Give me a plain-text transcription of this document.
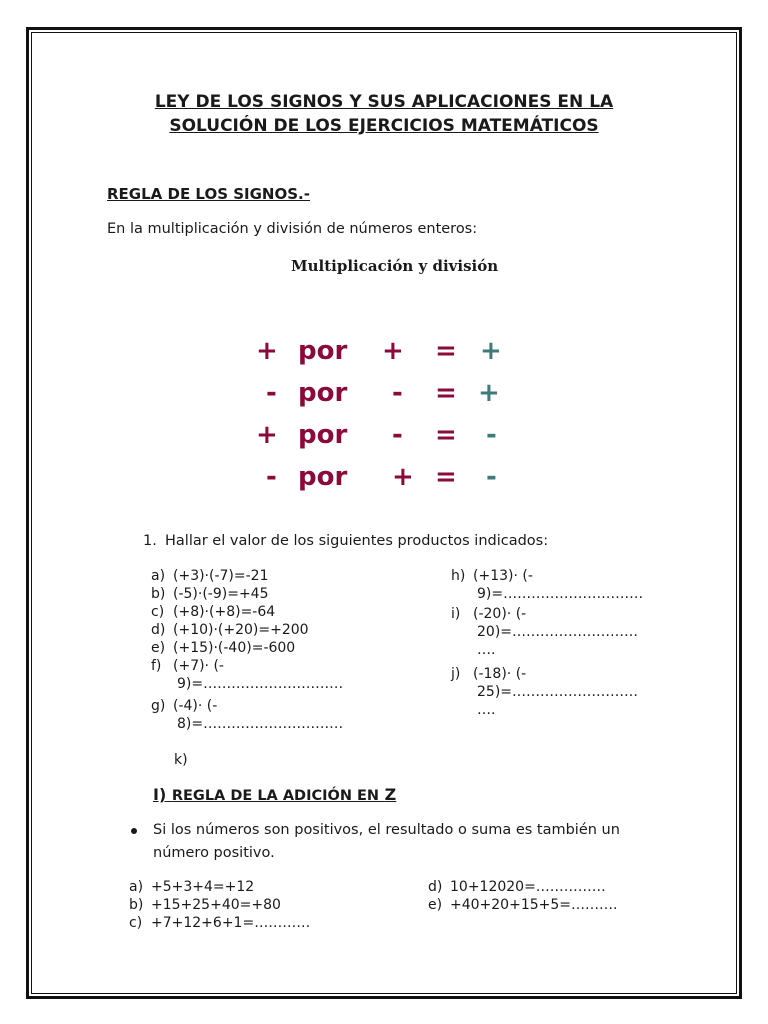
LEY DE LOS SIGNOS Y SUS APLICACIONES EN LA
SOLUCIÓN DE LOS EJERCICIOS MATEMÁTICOS
REGLA DE LOS SIGNOS.-
En la multiplicación y división de números enteros:
Multiplicación y división
+ por + = +
- por - = +
+ por - = -
- por + = -
1. Hallar el valor de los siguientes productos indicados:
a) (+3)·(-7)=-21
b) (-5)·(-9)=+45
c) (+8)·(+8)=-64
d) (+10)·(+20)=+200
e) (+15)·(-40)=-600
f) (+7)· (-
9)=…………………………
g) (-4)· (-
8)=…………………………
k)
h) (+13)· (-
9)=…………………………
i) (-20)· (-
20)=………………………
….
j) (-18)· (-
25)=………………………
….
I) REGLA DE LA ADICIÓN EN Z
Si los números son positivos, el resultado o suma es también un
número positivo.
a) +5+3+4=+12
b) +15+25+40=+80
c) +7+12+6+1=…………
d) 10+12020=……………
e) +40+20+15+5=……….
